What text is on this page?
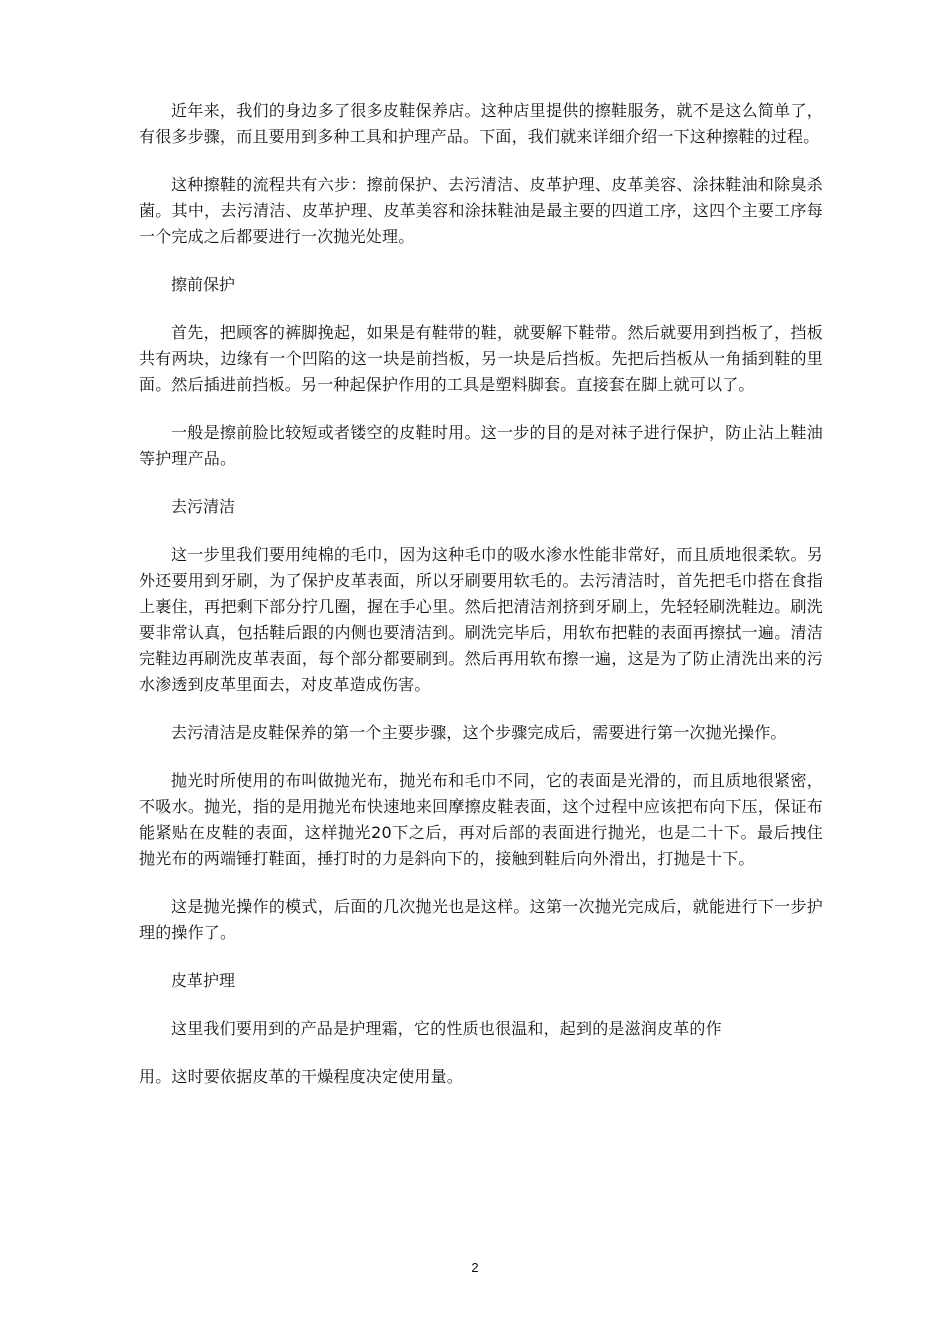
近年来，我们的身边多了很多皮鞋保养店。这种店里提供的擦鞋服务，就不是这么简单了，有很多步骤，而且要用到多种工具和护理产品。下面，我们就来详细介绍一下这种擦鞋的过程。

这种擦鞋的流程共有六步：擦前保护、去污清洁、皮革护理、皮革美容、涂抹鞋油和除臭杀菌。其中，去污清洁、皮革护理、皮革美容和涂抹鞋油是最主要的四道工序，这四个主要工序每一个完成之后都要进行一次抛光处理。

擦前保护

首先，把顾客的裤脚挽起，如果是有鞋带的鞋，就要解下鞋带。然后就要用到挡板了，挡板共有两块，边缘有一个凹陷的这一块是前挡板，另一块是后挡板。先把后挡板从一角插到鞋的里面。然后插进前挡板。另一种起保护作用的工具是塑料脚套。直接套在脚上就可以了。

一般是擦前脸比较短或者镂空的皮鞋时用。这一步的目的是对袜子进行保护，防止沾上鞋油等护理产品。

去污清洁

这一步里我们要用纯棉的毛巾，因为这种毛巾的吸水渗水性能非常好，而且质地很柔软。另外还要用到牙刷，为了保护皮革表面，所以牙刷要用软毛的。去污清洁时，首先把毛巾搭在食指上裹住，再把剩下部分拧几圈，握在手心里。然后把清洁剂挤到牙刷上，先轻轻刷洗鞋边。刷洗要非常认真，包括鞋后跟的内侧也要清洁到。刷洗完毕后，用软布把鞋的表面再擦拭一遍。清洁完鞋边再刷洗皮革表面，每个部分都要刷到。然后再用软布擦一遍，这是为了防止清洗出来的污水渗透到皮革里面去，对皮革造成伤害。

去污清洁是皮鞋保养的第一个主要步骤，这个步骤完成后，需要进行第一次抛光操作。

抛光时所使用的布叫做抛光布，抛光布和毛巾不同，它的表面是光滑的，而且质地很紧密，不吸水。抛光，指的是用抛光布快速地来回摩擦皮鞋表面，这个过程中应该把布向下压，保证布能紧贴在皮鞋的表面，这样抛光20下之后，再对后部的表面进行抛光，也是二十下。最后拽住抛光布的两端锤打鞋面，捶打时的力是斜向下的，接触到鞋后向外滑出，打抛是十下。

这是抛光操作的模式，后面的几次抛光也是这样。这第一次抛光完成后，就能进行下一步护理的操作了。

皮革护理

这里我们要用到的产品是护理霜，它的性质也很温和，起到的是滋润皮革的作

用。这时要依据皮革的干燥程度决定使用量。

2
